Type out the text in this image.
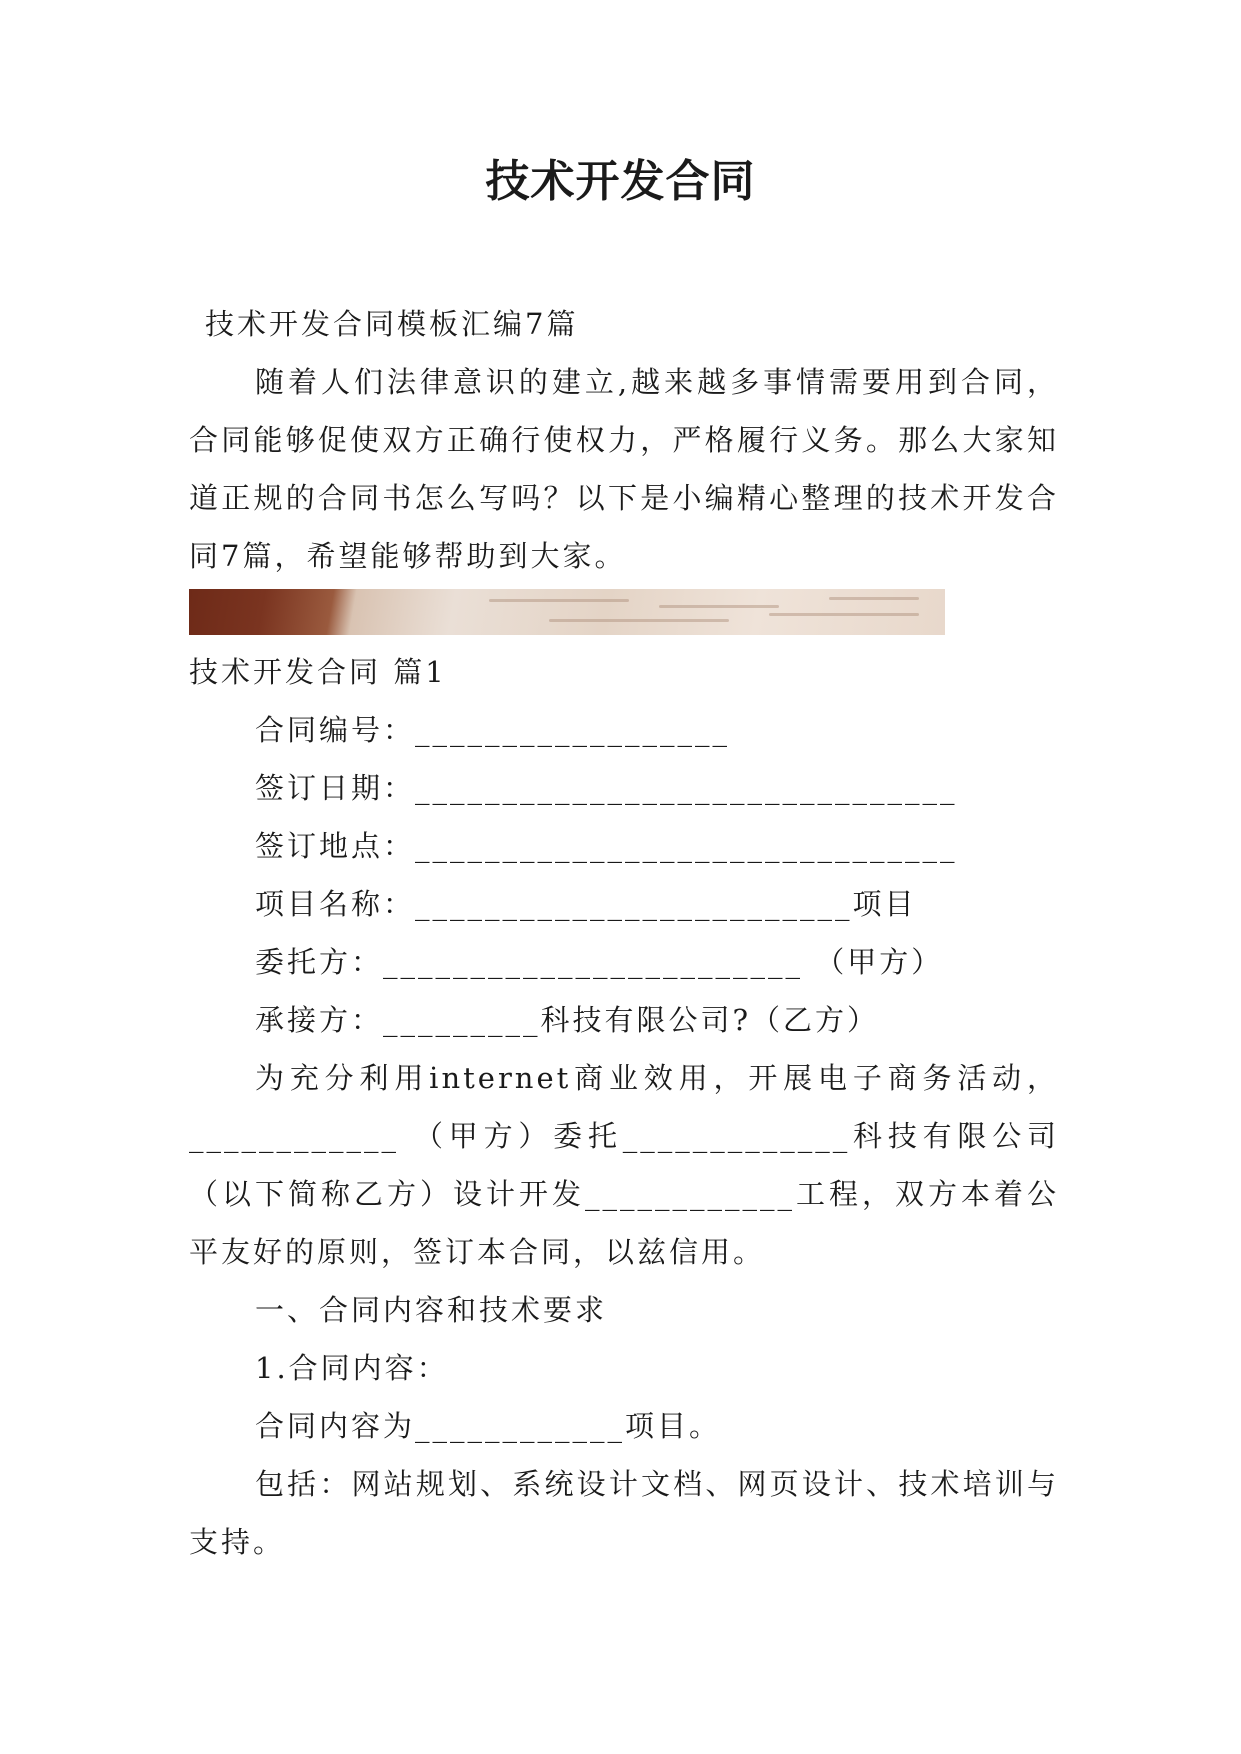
技术开发合同

技术开发合同模板汇编7篇

随着人们法律意识的建立,越来越多事情需要用到合同，合同能够促使双方正确行使权力，严格履行义务。那么大家知道正规的合同书怎么写吗？以下是小编精心整理的技术开发合同7篇，希望能够帮助到大家。

技术开发合同 篇1

合同编号：__________________

签订日期：_______________________________

签订地点：_______________________________

项目名称：_________________________项目

委托方：________________________ （甲方）

承接方：_________科技有限公司?（乙方）

为充分利用internet商业效用，开展电子商务活动，____________ （甲方）委托_____________科技有限公司（以下简称乙方）设计开发____________工程，双方本着公平友好的原则，签订本合同，以兹信用。

一、合同内容和技术要求

1.合同内容：

合同内容为____________项目。

包括：网站规划、系统设计文档、网页设计、技术培训与支持。
